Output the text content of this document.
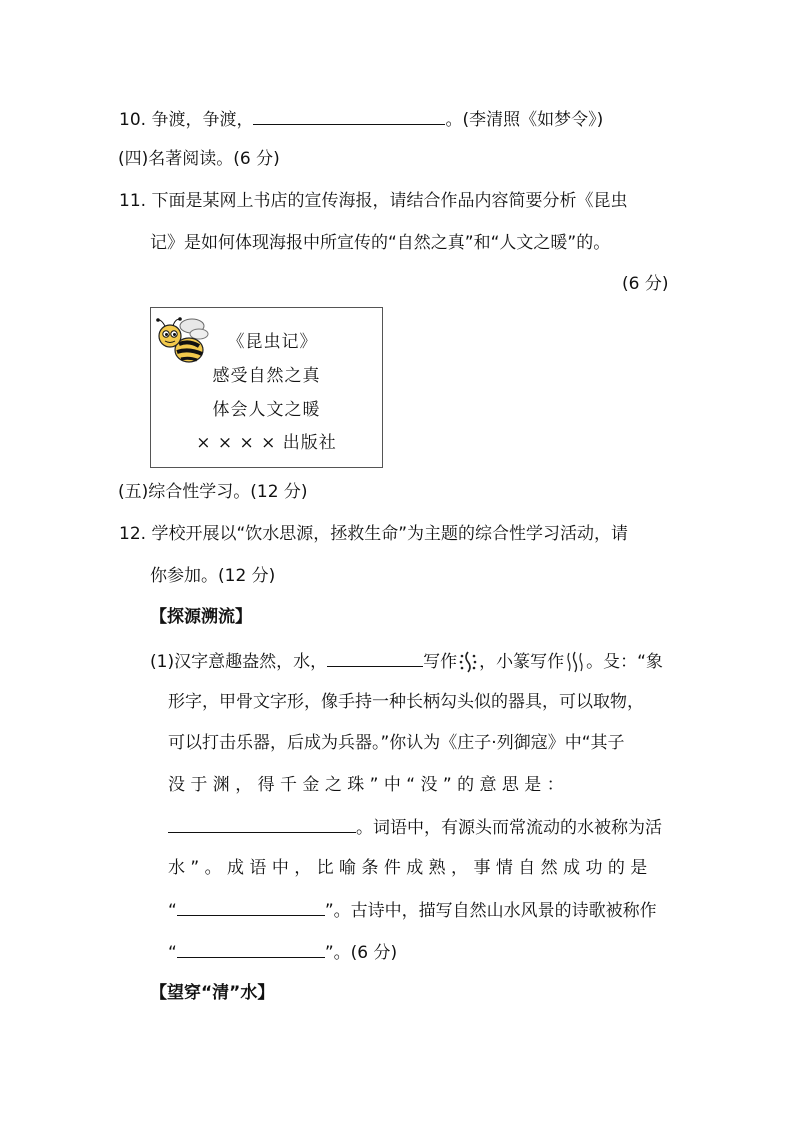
10. 争渡，争渡，	。(李清照《如梦令》)
(四)名著阅读。(6 分)
11. 下面是某网上书店的宣传海报，请结合作品内容简要分析《昆虫
记》是如何体现海报中所宣传的“自然之真”和“人文之暖”的。
(6 分)
《昆虫记》
感受自然之真
体会人文之暖
× × × × 出版社
(五)综合性学习。(12 分)
12. 学校开展以“饮水思源，拯救生命”为主题的综合性学习活动，请
你参加。(12 分)
【探源溯流】
(1)汉字意趣盎然，水，	写作 ，小篆写作 。殳：“象
形字，甲骨文字形，像手持一种长柄勾头似的器具，可以取物，
可以打击乐器，后成为兵器。”你认为《庄子·列御寇》中“其子
没 于 渊 ， 得 千 金 之 珠 ” 中 “ 没 ” 的 意 思 是 ：
。词语中，有源头而常流动的水被称为活
水 ” 。 成 语 中 ， 比 喻 条 件 成 熟 ， 事 情 自 然 成 功 的 是
“	”。古诗中，描写自然山水风景的诗歌被称作
“	”。(6 分)
【望穿“清”水】
